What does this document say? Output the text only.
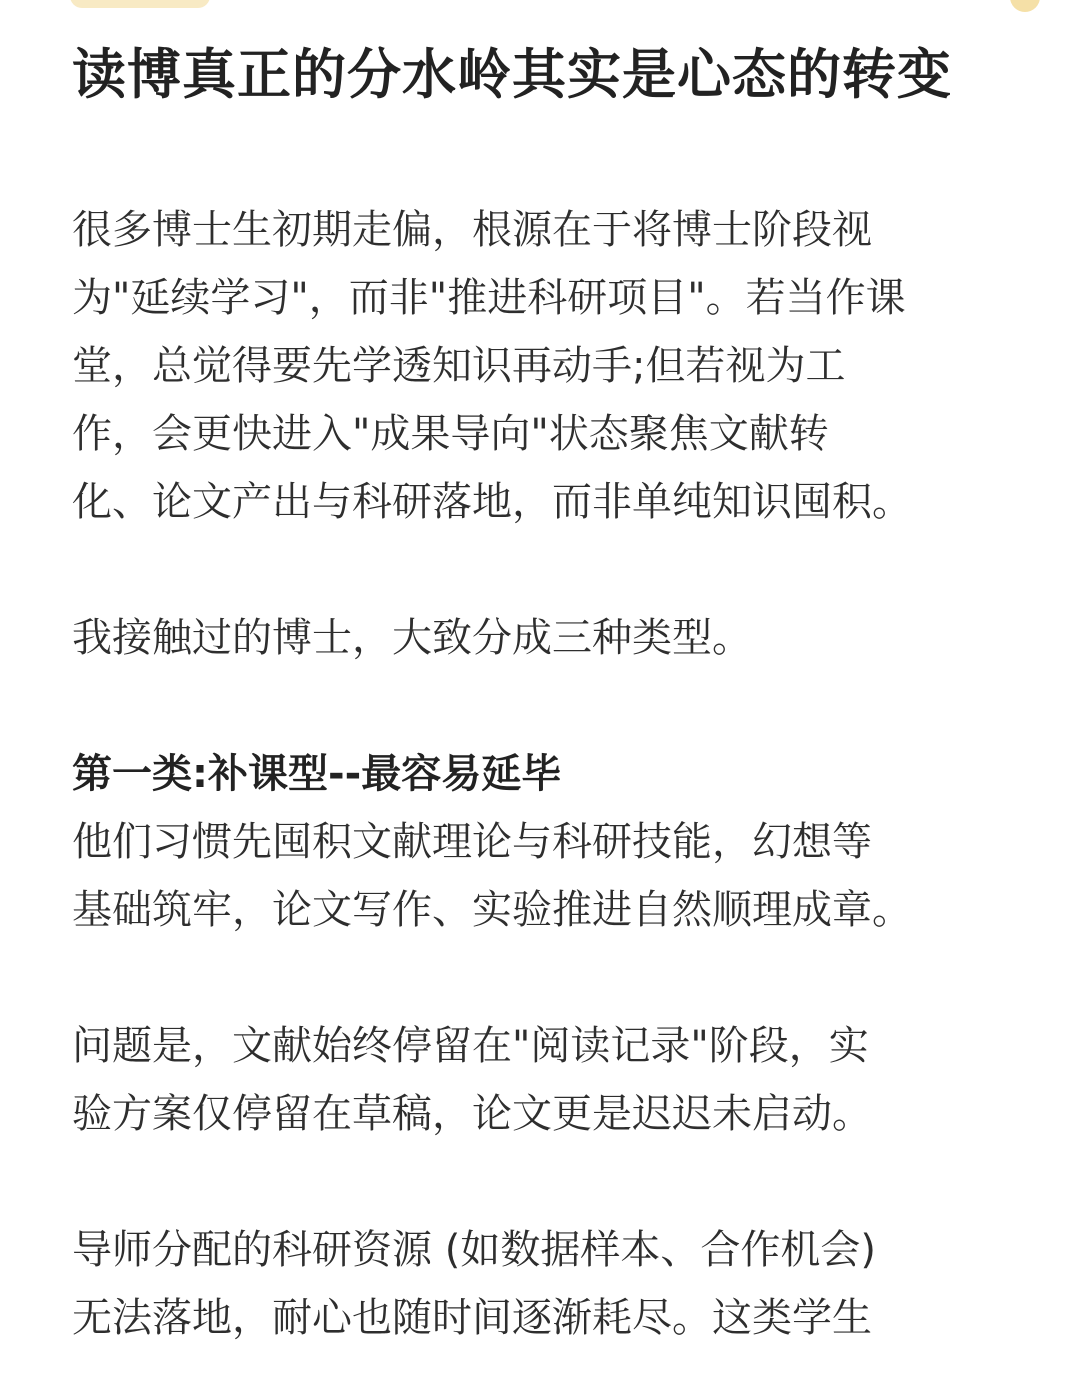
读博真正的分水岭其实是心态的转变

很多博士生初期走偏，根源在于将博士阶段视
为"延续学习"，而非"推进科研项目"。若当作课
堂，总觉得要先学透知识再动手;但若视为工
作，会更快进入"成果导向"状态聚焦文献转
化、论文产出与科研落地，而非单纯知识囤积。

我接触过的博士，大致分成三种类型。

第一类:补课型--最容易延毕

他们习惯先囤积文献理论与科研技能，幻想等
基础筑牢，论文写作、实验推进自然顺理成章。

问题是，文献始终停留在"阅读记录"阶段，实
验方案仅停留在草稿，论文更是迟迟未启动。

导师分配的科研资源 (如数据样本、合作机会)
无法落地，耐心也随时间逐渐耗尽。这类学生
